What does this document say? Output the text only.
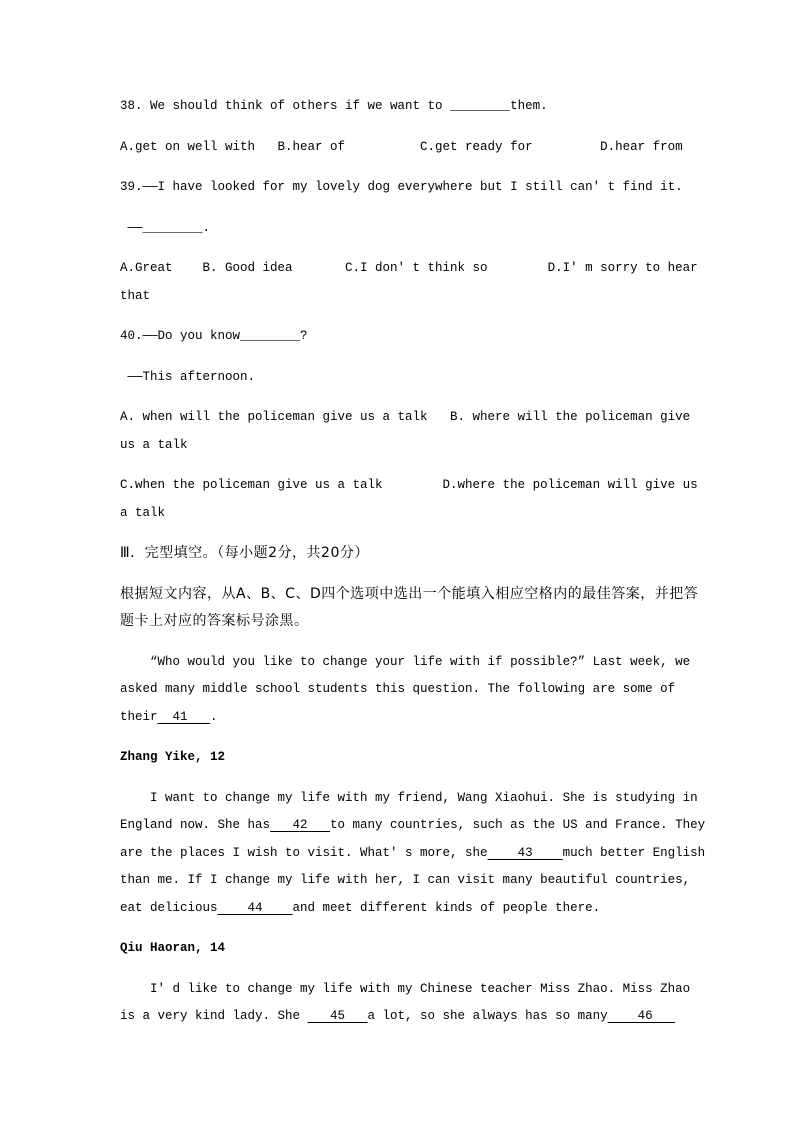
38. We should think of others if we want to ________them.
A.get on well with   B.hear of          C.get ready for         D.hear from
39.——I have looked for my lovely dog everywhere but I still can' t find it.
——________.
A.Great    B. Good idea       C.I don' t think so        D.I' m sorry to hear
that
40.——Do you know________?
——This afternoon.
A. when will the policeman give us a talk   B. where will the policeman give
us a talk
C.when the policeman give us a talk        D.where the policeman will give us
a talk
Ⅲ．完型填空。（每小题2分，共20分）
根据短文内容，从A、B、C、D四个选项中选出一个能填入相应空格内的最佳答案，并把答
题卡上对应的答案标号涂黑。
“Who would you like to change your life with if possible?” Last week, we
asked many middle school students this question. The following are some of
their  41   .
Zhang Yike, 12
I want to change my life with my friend, Wang Xiaohui. She is studying in
England now. She has   42   to many countries, such as the US and France. They
are the places I wish to visit. What' s more, she    43    much better English
than me. If I change my life with her, I can visit many beautiful countries,
eat delicious    44    and meet different kinds of people there.
Qiu Haoran, 14
I' d like to change my life with my Chinese teacher Miss Zhao. Miss Zhao
is a very kind lady. She    45   a lot, so she always has so many    46
